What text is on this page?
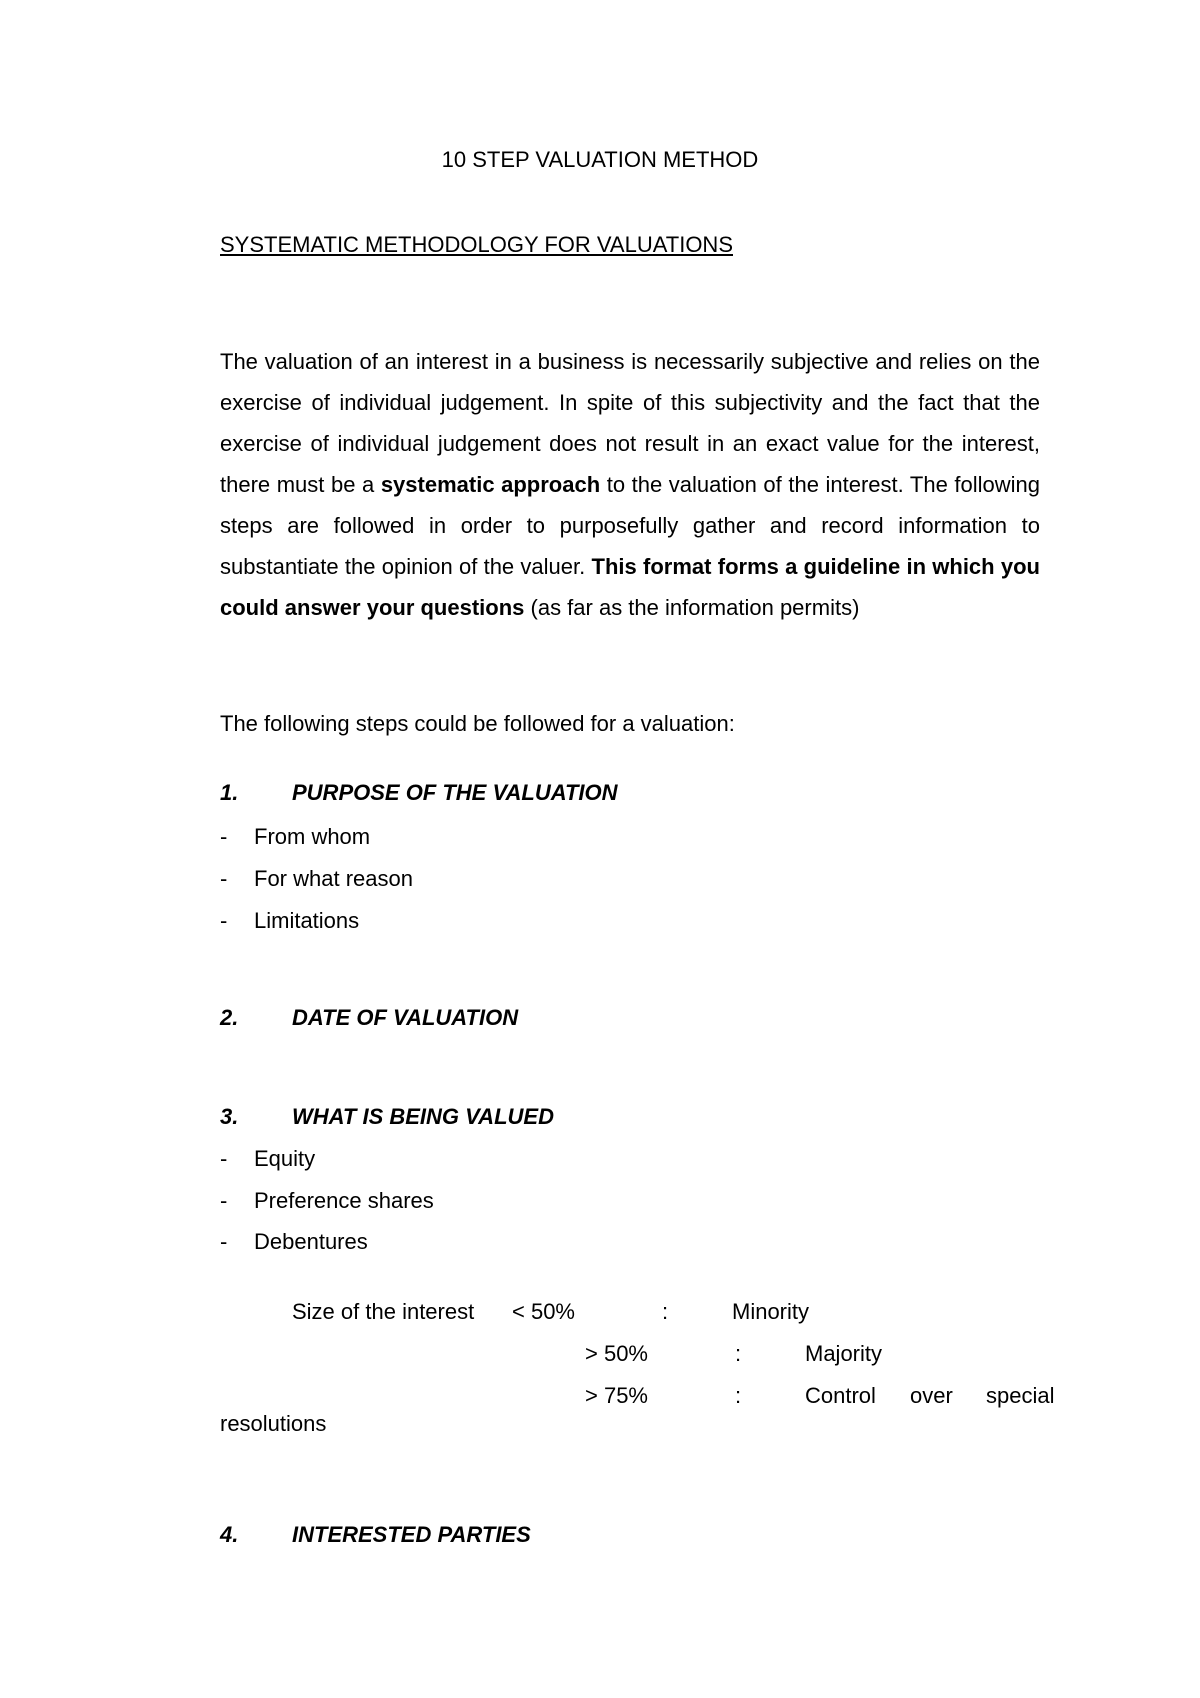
10 STEP VALUATION METHOD
SYSTEMATIC METHODOLOGY FOR VALUATIONS
The valuation of an interest in a business is necessarily subjective and relies on the exercise of individual judgement. In spite of this subjectivity and the fact that the exercise of individual judgement does not result in an exact value for the interest, there must be a systematic approach to the valuation of the interest. The following steps are followed in order to purposefully gather and record information to substantiate the opinion of the valuer. This format forms a guideline in which you could answer your questions (as far as the information permits)
The following steps could be followed for a valuation:
1. PURPOSE OF THE VALUATION
- From whom
- For what reason
- Limitations
2. DATE OF VALUATION
3. WHAT IS BEING VALUED
- Equity
- Preference shares
- Debentures
Size of the interest < 50%	:	Minority
> 50%	:	Majority
> 75%	:	Control over special
resolutions
4. INTERESTED PARTIES
